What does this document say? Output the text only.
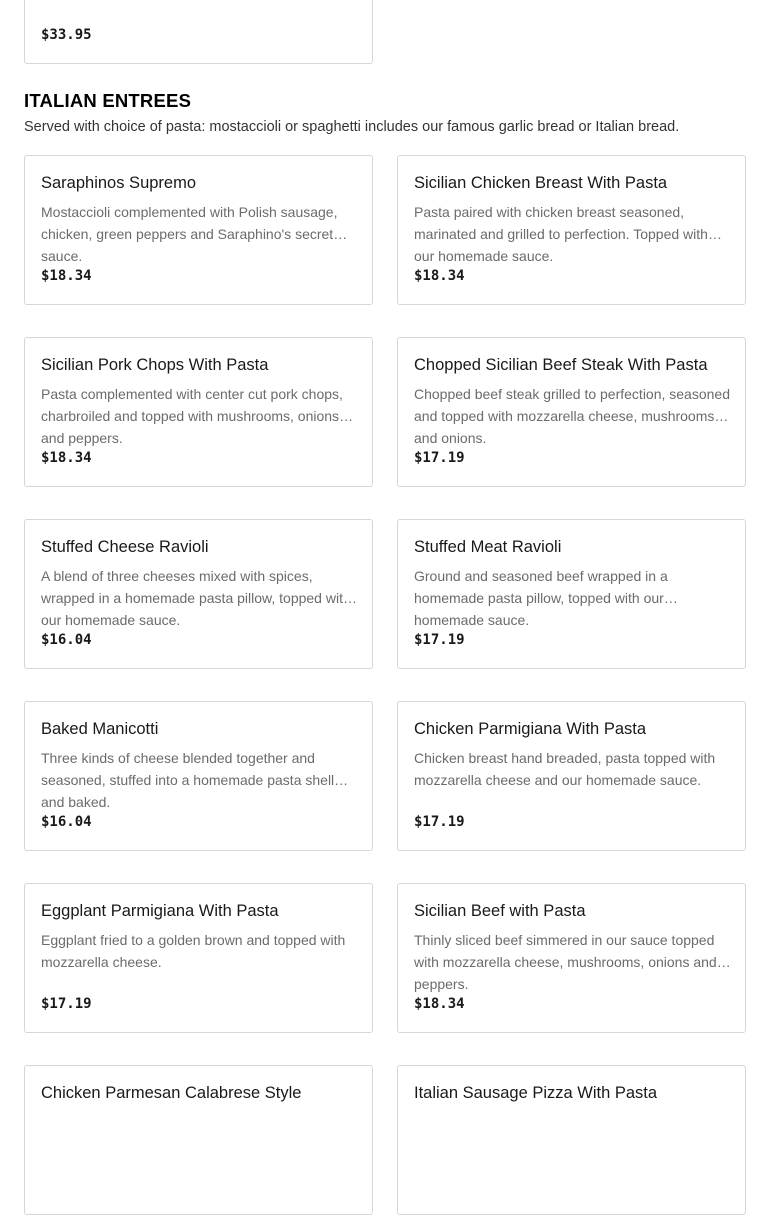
$33.95
ITALIAN ENTREES

Served with choice of pasta: mostaccioli or spaghetti includes our famous garlic bread or Italian bread.

Saraphinos Supremo
Mostaccioli complemented with Polish sausage, chicken, green peppers and Saraphino's secret sauce.
$18.34
Sicilian Chicken Breast With Pasta
Pasta paired with chicken breast seasoned, marinated and grilled to perfection. Topped with our homemade sauce.
$18.34
Sicilian Pork Chops With Pasta
Pasta complemented with center cut pork chops, charbroiled and topped with mushrooms, onions and peppers.
$18.34
Chopped Sicilian Beef Steak With Pasta
Chopped beef steak grilled to perfection, seasoned and topped with mozzarella cheese, mushrooms and onions.
$17.19
Stuffed Cheese Ravioli
A blend of three cheeses mixed with spices, wrapped in a homemade pasta pillow, topped with our homemade sauce.
$16.04
Stuffed Meat Ravioli
Ground and seasoned beef wrapped in a homemade pasta pillow, topped with our homemade sauce.
$17.19
Baked Manicotti
Three kinds of cheese blended together and seasoned, stuffed into a homemade pasta shell and baked.
$16.04
Chicken Parmigiana With Pasta
Chicken breast hand breaded, pasta topped with mozzarella cheese and our homemade sauce.
$17.19
Eggplant Parmigiana With Pasta
Eggplant fried to a golden brown and topped with mozzarella cheese.
$17.19
Sicilian Beef with Pasta
Thinly sliced beef simmered in our sauce topped with mozzarella cheese, mushrooms, onions and peppers.
$18.34
Chicken Parmesan Calabrese Style	Italian Sausage Pizza With Pasta
